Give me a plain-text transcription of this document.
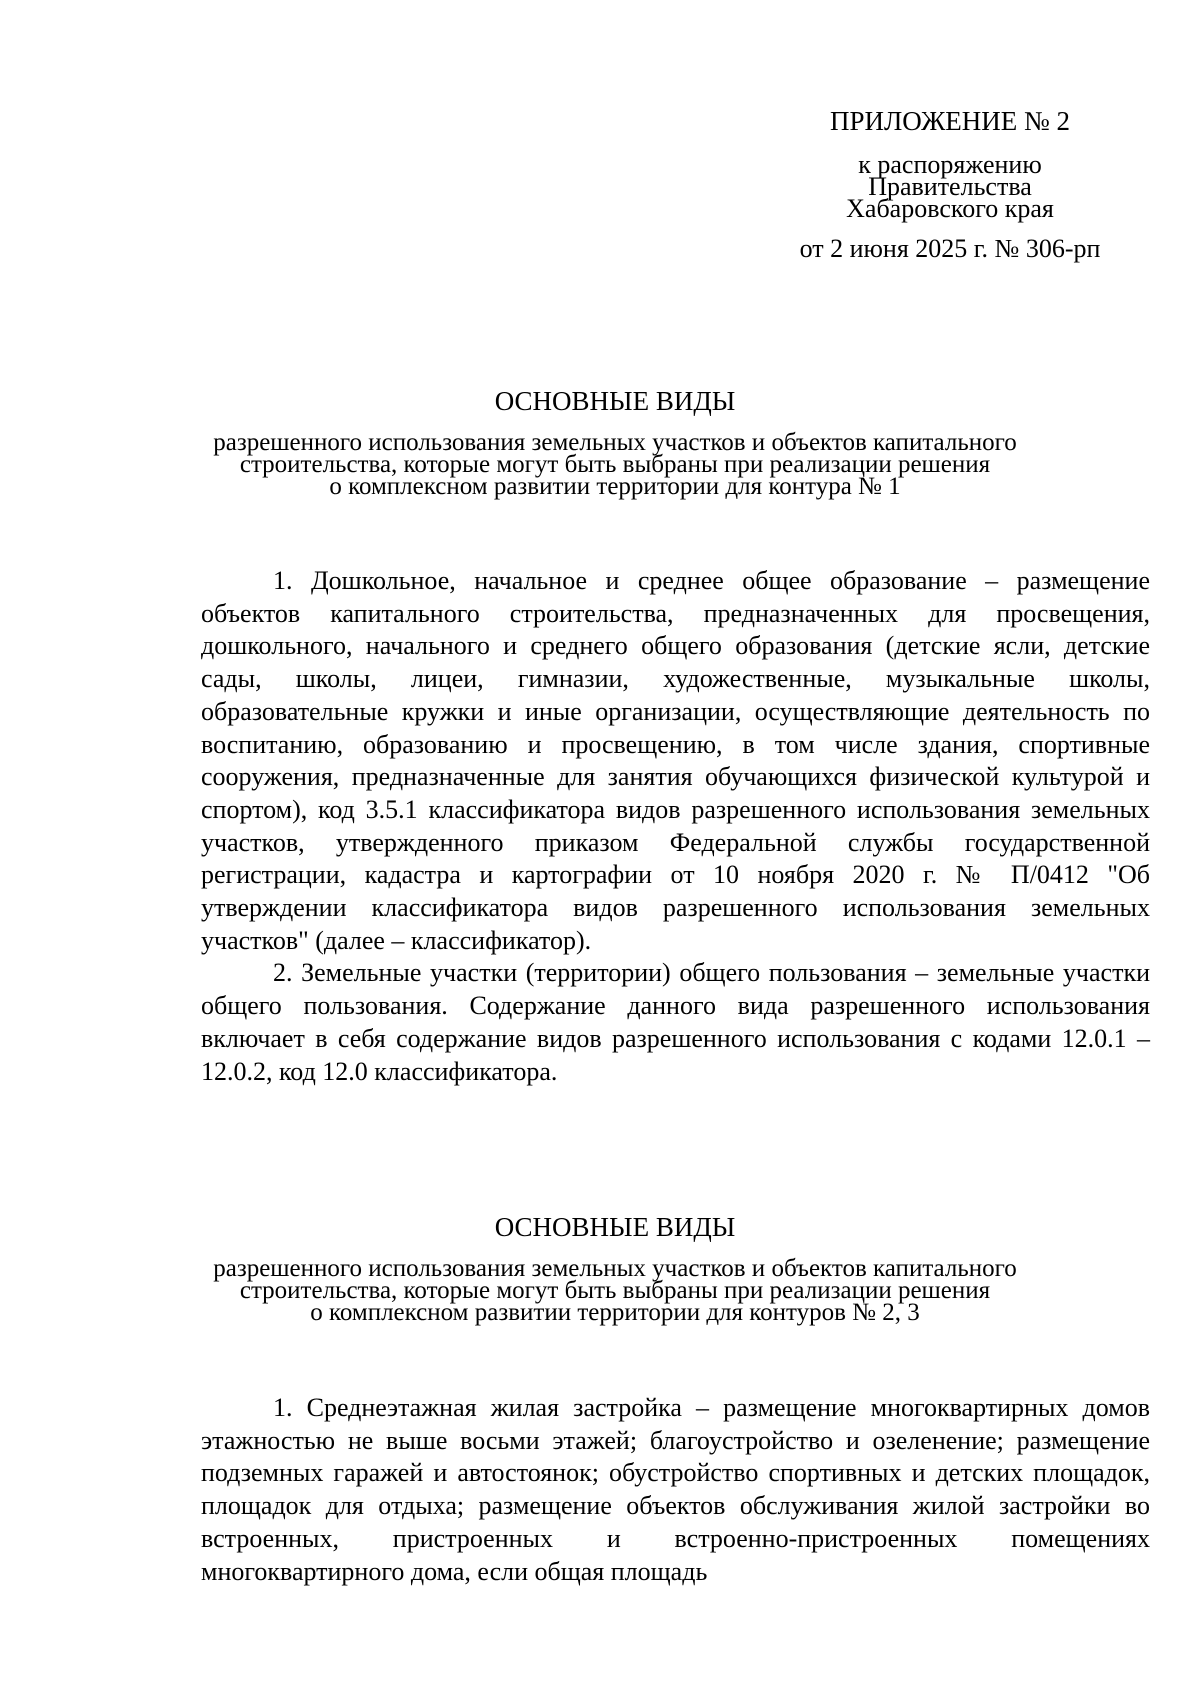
ПРИЛОЖЕНИЕ № 2

к распоряжению

Правительства

Хабаровского края

от 2 июня 2025 г. № 306-рп

ОСНОВНЫЕ ВИДЫ

разрешенного использования земельных участков и объектов капитального

строительства, которые могут быть выбраны при реализации решения

о комплексном развитии территории для контура № 1

1. Дошкольное, начальное и среднее общее образование – размещение объектов капитального строительства, предназначенных для просвещения, дошкольного, начального и среднего общего образования (детские ясли, детские сады, школы, лицеи, гимназии, художественные, музыкальные школы, образовательные кружки и иные организации, осуществляющие деятельность по воспитанию, образованию и просвещению, в том числе здания, спортивные сооружения, предназначенные для занятия обучающихся физической культурой и спортом), код 3.5.1 классификатора видов разрешенного использования земельных участков, утвержденного приказом Федеральной службы государственной регистрации, кадастра и картографии от 10 ноября 2020 г. № П/0412 "Об утверждении классификатора видов разрешенного использования земельных участков" (далее – классификатор).

2. Земельные участки (территории) общего пользования – земельные участки общего пользования. Содержание данного вида разрешенного использования включает в себя содержание видов разрешенного использования с кодами 12.0.1 – 12.0.2, код 12.0 классификатора.

ОСНОВНЫЕ ВИДЫ

разрешенного использования земельных участков и объектов капитального

строительства, которые могут быть выбраны при реализации решения

о комплексном развитии территории для контуров № 2, 3

1. Среднеэтажная жилая застройка – размещение многоквартирных домов этажностью не выше восьми этажей; благоустройство и озеленение; размещение подземных гаражей и автостоянок; обустройство спортивных и детских площадок, площадок для отдыха; размещение объектов обслуживания жилой застройки во встроенных, пристроенных и встроенно-пристроенных помещениях многоквартирного дома, если общая площадь
